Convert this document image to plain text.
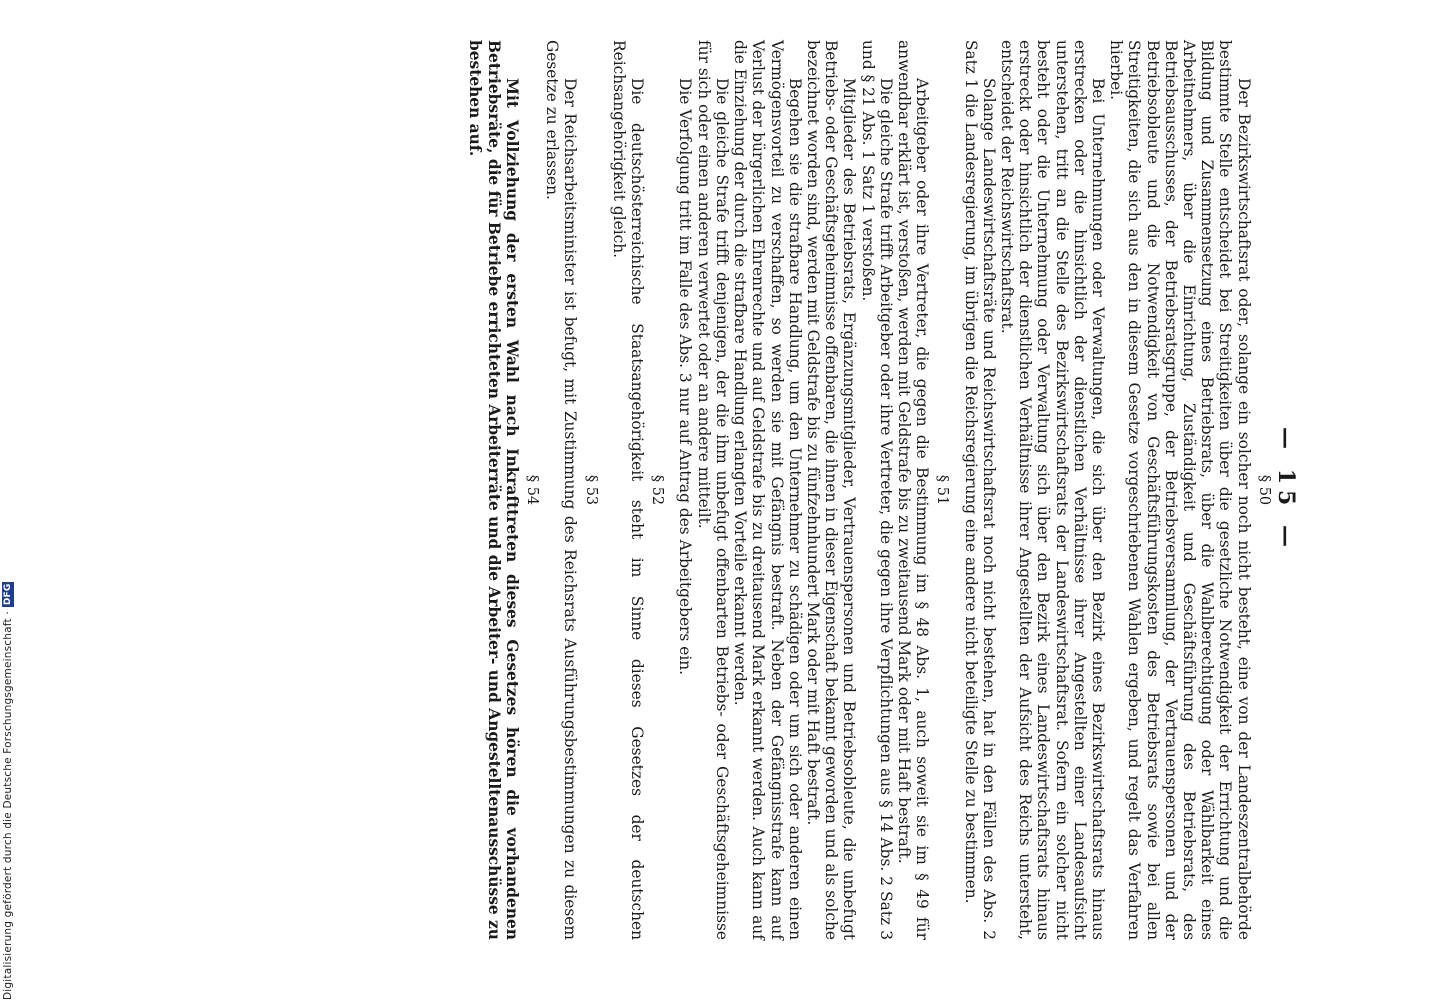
Digitalisierung gefördert durch die Deutsche Forschungsgemeinschaft ·
DFG
— 15 —
§ 50

Der Bezirkswirtschaftsrat oder, solange ein solcher noch nicht besteht, eine von der Landeszentralbehörde bestimmte Stelle entscheidet bei Streitigkeiten über die gesetzliche Notwendigkeit der Errichtung und die Bildung und Zusammensetzung eines Betriebsrats, über die Wahlberechtigung oder Wählbarkeit eines Arbeitnehmers, über die Einrichtung, Zuständigkeit und Geschäftsführung des Betriebsrats, des Betriebsausschusses, der Betriebsratsgruppe, der Betriebsversammlung, der Vertrauenspersonen und der Betriebsobleute und die Notwendigkeit von Geschäftsführungskosten des Betriebsrats sowie bei allen Streitigkeiten, die sich aus den in diesem Gesetze vorgeschriebenen Wahlen ergeben, und regelt das Verfahren hierbei.

Bei Unternehmungen oder Verwaltungen, die sich über den Bezirk eines Bezirkswirtschaftsrats hinaus erstrecken oder die hinsichtlich der dienstlichen Verhältnisse ihrer Angestellten einer Landesaufsicht unterstehen, tritt an die Stelle des Bezirkswirtschaftsrats der Landeswirtschaftsrat. Sofern ein solcher nicht besteht oder die Unternehmung oder Verwaltung sich über den Bezirk eines Landeswirtschaftsrats hinaus erstreckt oder hinsichtlich der dienstlichen Verhältnisse ihrer Angestellten der Aufsicht des Reichs untersteht, entscheidet der Reichswirtschaftsrat.

Solange Landeswirtschaftsräte und Reichswirtschaftsrat noch nicht bestehen, hat in den Fällen des Abs. 2 Satz 1 die Landesregierung, im übrigen die Reichsregierung eine andere nicht beteiligte Stelle zu bestimmen.

§ 51

Arbeitgeber oder ihre Vertreter, die gegen die Bestimmung im § 48 Abs. 1, auch soweit sie im § 49 für anwendbar erklärt ist, verstoßen, werden mit Geldstrafe bis zu zweitausend Mark oder mit Haft bestraft.

Die gleiche Strafe trifft Arbeitgeber oder ihre Vertreter, die gegen ihre Verpflichtungen aus § 14 Abs. 2 Satz 3 und § 21 Abs. 1 Satz 1 verstoßen.

Mitglieder des Betriebsrats, Ergänzungsmitglieder, Vertrauenspersonen und Betriebsobleute, die unbefugt Betriebs- oder Geschäftsgeheimnisse offenbaren, die ihnen in dieser Eigenschaft bekannt geworden und als solche bezeichnet worden sind, werden mit Geldstrafe bis zu fünfzehnhundert Mark oder mit Haft bestraft.

Begehen sie die strafbare Handlung, um den Unternehmer zu schädigen oder um sich oder anderen einen Vermögensvorteil zu verschaffen, so werden sie mit Gefängnis bestraft. Neben der Gefängnisstrafe kann auf Verlust der bürgerlichen Ehrenrechte und auf Geldstrafe bis zu dreitausend Mark erkannt werden. Auch kann auf die Einziehung der durch die strafbare Handlung erlangten Vorteile erkannt werden.

Die gleiche Strafe trifft denjenigen, der die ihm unbefugt offenbarten Betriebs- oder Geschäftsgeheimnisse für sich oder einen anderen verwertet oder an andere mitteilt.

Die Verfolgung tritt im Falle des Abs. 3 nur auf Antrag des Arbeitgebers ein.

§ 52

Die deutschösterreichische Staatsangehörigkeit steht im Sinne dieses Gesetzes der deutschen Reichsangehörigkeit gleich.

§ 53

Der Reichsarbeitsminister ist befugt, mit Zustimmung des Reichsrats Ausführungsbestimmungen zu diesem Gesetze zu erlassen.

§ 54

Mit Vollziehung der ersten Wahl nach Inkrafttreten dieses Gesetzes hören die vorhandenen Betriebsräte, die für Betriebe errichteten Arbeiterräte und die Arbeiter- und Angestelltenausschüsse zu bestehen auf.
